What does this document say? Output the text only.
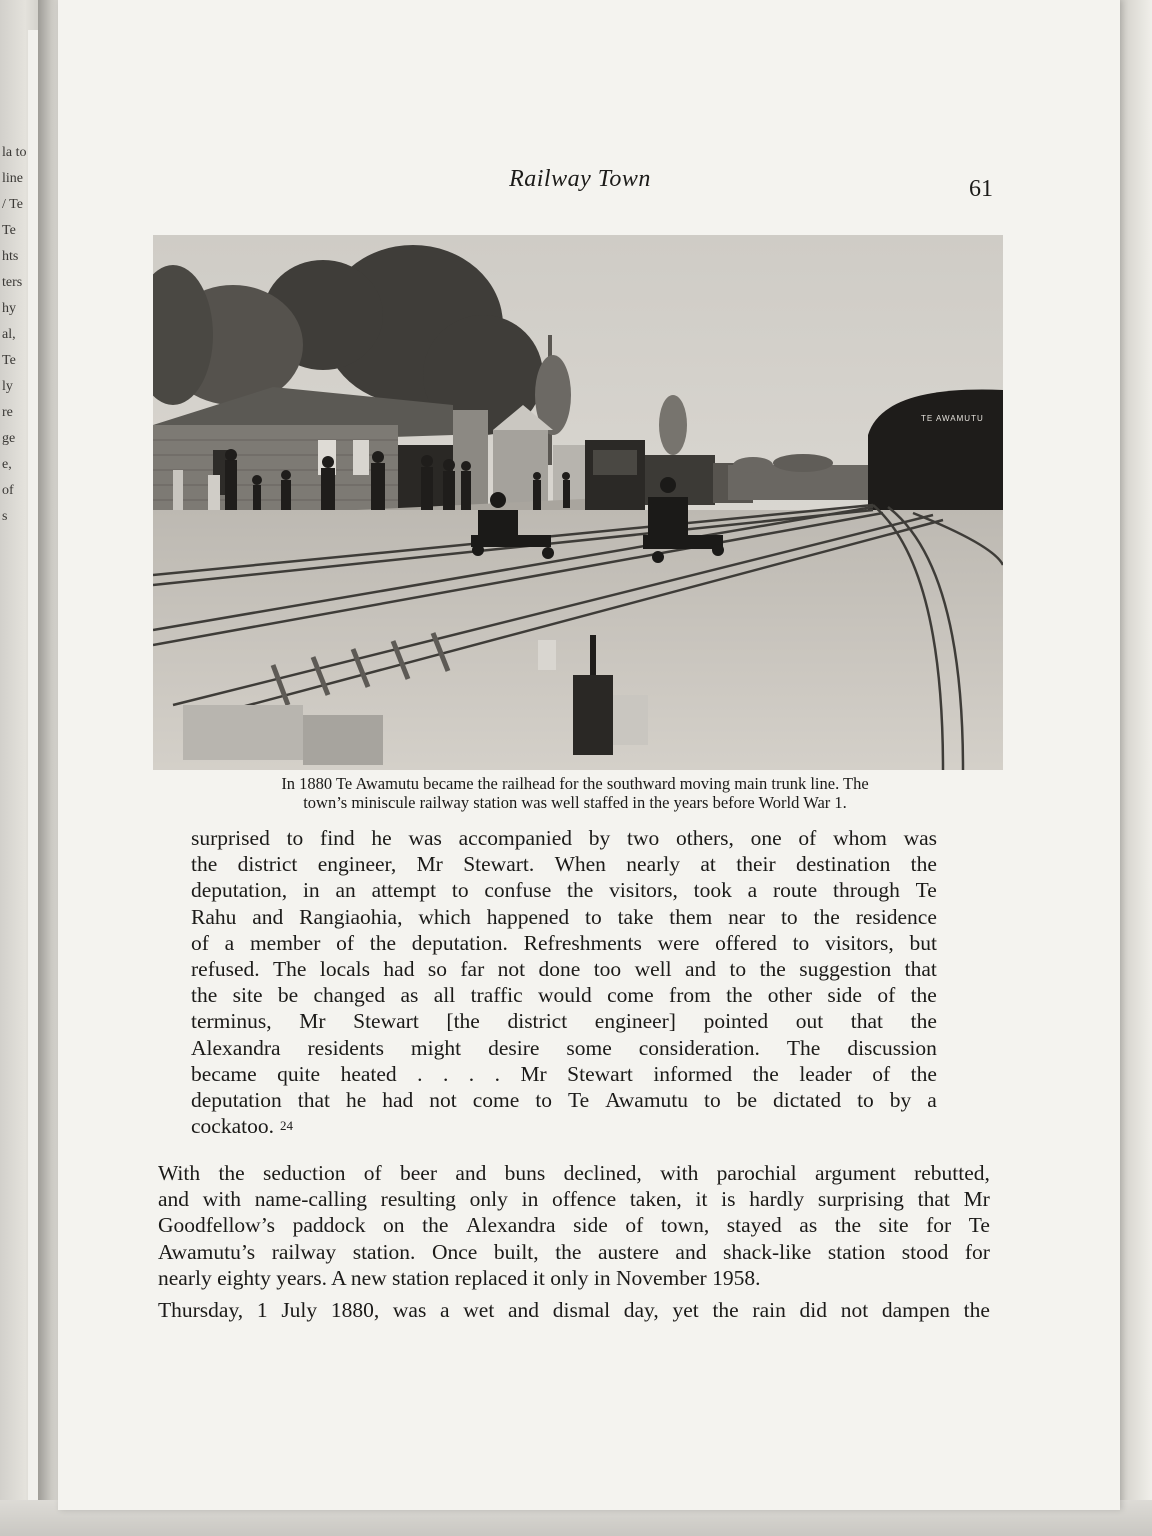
la to
line
/ Te
Te
hts
ters
hy
al,
Te
ly
re
ge
e,
of
s
Railway Town	61
TE AWAMUTU
In 1880 Te Awamutu became the railhead for the southward moving main trunk line. The
town’s miniscule railway station was well staffed in the years before World War 1.
surprised to find he was accompanied by two others, one of whom was
the district engineer, Mr Stewart. When nearly at their destination the
deputation, in an attempt to confuse the visitors, took a route through Te
Rahu and Rangiaohia, which happened to take them near to the residence
of a member of the deputation. Refreshments were offered to visitors, but
refused. The locals had so far not done too well and to the suggestion that
the site be changed as all traffic would come from the other side of the
terminus, Mr Stewart [the district engineer] pointed out that the
Alexandra residents might desire some consideration. The discussion
became quite heated . . . . Mr Stewart informed the leader of the
deputation that he had not come to Te Awamutu to be dictated to by a
cockatoo. 24
With the seduction of beer and buns declined, with parochial argument rebutted,
and with name-calling resulting only in offence taken, it is hardly surprising that Mr
Goodfellow’s paddock on the Alexandra side of town, stayed as the site for Te
Awamutu’s railway station. Once built, the austere and shack-like station stood for
nearly eighty years. A new station replaced it only in November 1958.
Thursday, 1 July 1880, was a wet and dismal day, yet the rain did not dampen the
